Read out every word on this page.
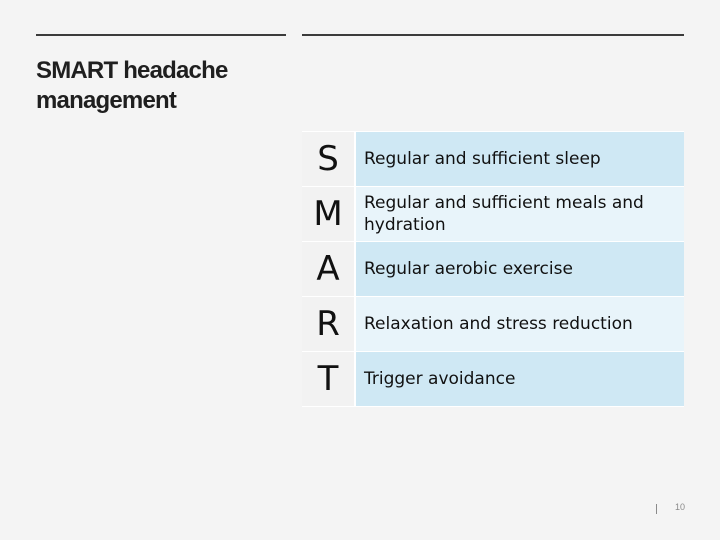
SMART headache management
S	Regular and sufficient sleep
M	Regular and sufficient meals and hydration
A	Regular aerobic exercise
R	Relaxation and stress reduction
T	Trigger avoidance
10
